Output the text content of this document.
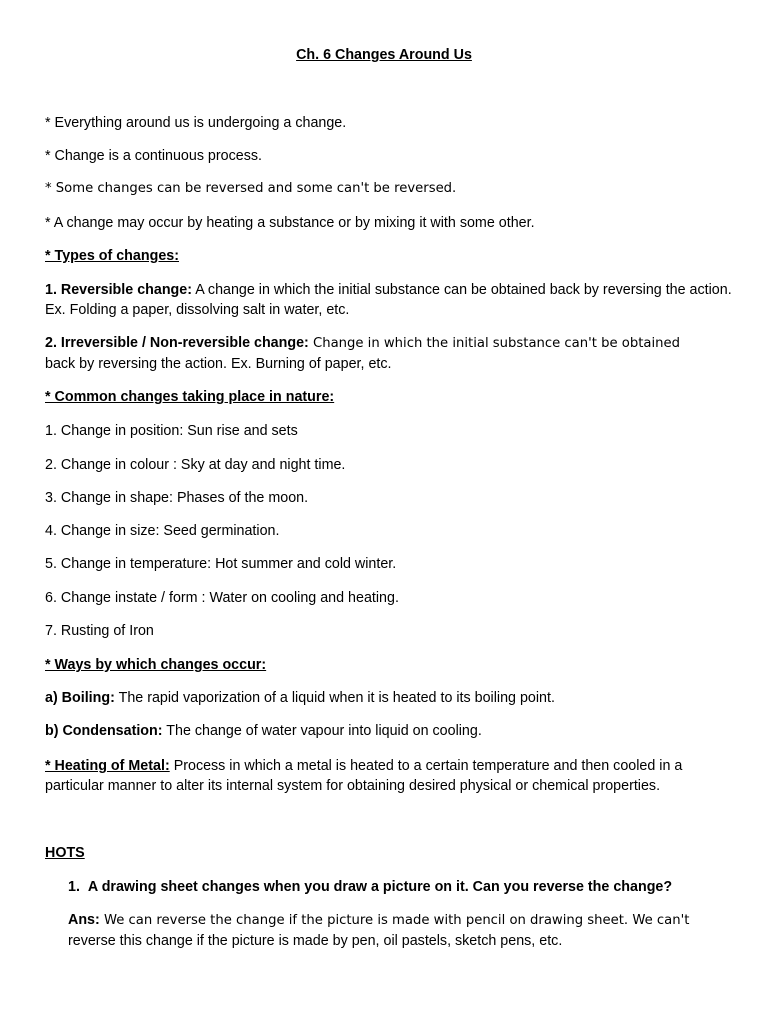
Ch. 6 Changes Around Us
* Everything around us is undergoing a change.
* Change is a continuous process.
* Some changes can be reversed and some can't be reversed.
* A change may occur by heating a substance or by mixing it with some other.
* Types of changes:
1. Reversible change: A change in which the initial substance can be obtained back by reversing the action. Ex. Folding a paper, dissolving salt in water, etc.
2. Irreversible / Non-reversible change: Change in which the initial substance can't be obtained
back by reversing the action. Ex. Burning of paper, etc.
* Common changes taking place in nature:
1. Change in position: Sun rise and sets
2. Change in colour : Sky at day and night time.
3. Change in shape: Phases of the moon.
4. Change in size: Seed germination.
5. Change in temperature: Hot summer and cold winter.
6. Change instate / form : Water on cooling and heating.
7. Rusting of Iron
* Ways by which changes occur:
a) Boiling: The rapid vaporization of a liquid when it is heated to its boiling point.
b) Condensation: The change of water vapour into liquid on cooling.
* Heating of Metal: Process in which a metal is heated to a certain temperature and then cooled in a particular manner to alter its internal system for obtaining desired physical or chemical properties.
HOTS
1. A drawing sheet changes when you draw a picture on it. Can you reverse the change?
Ans: We can reverse the change if the picture is made with pencil on drawing sheet. We can't
reverse this change if the picture is made by pen, oil pastels, sketch pens, etc.
